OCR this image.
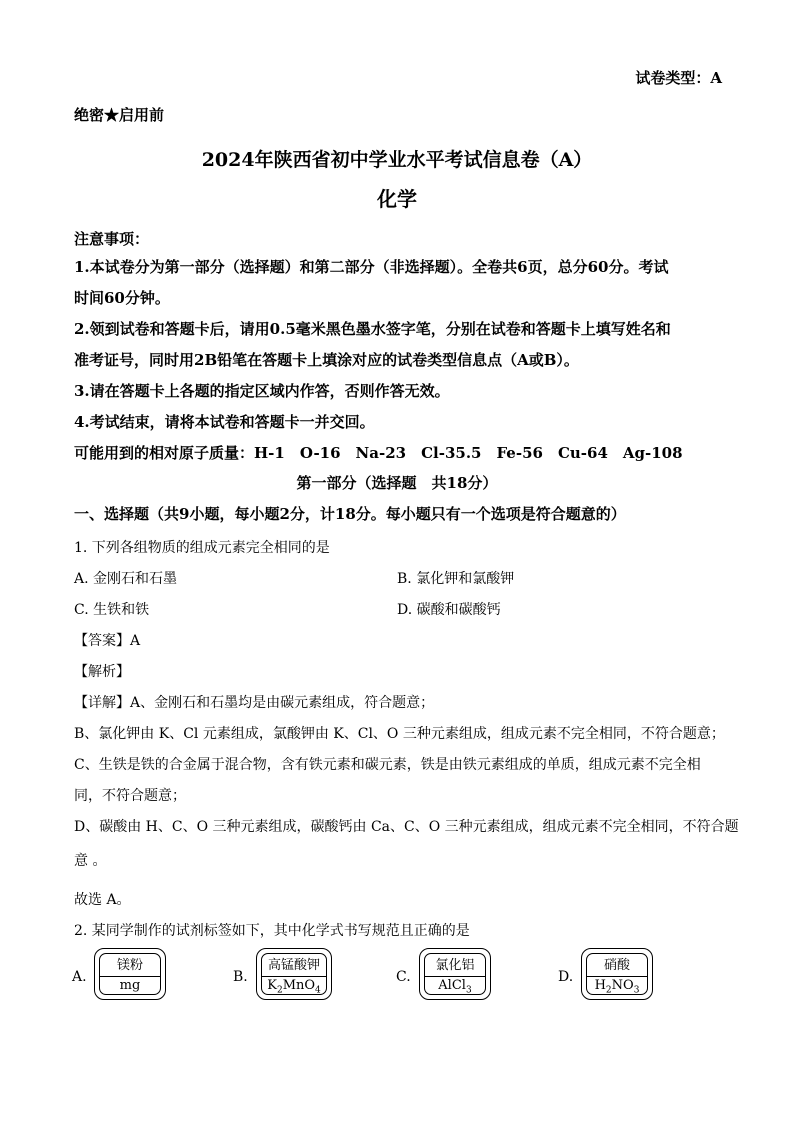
试卷类型：A
绝密★启用前
2024年陕西省初中学业水平考试信息卷（A）
化学
注意事项：
1.本试卷分为第一部分（选择题）和第二部分（非选择题）。全卷共6页，总分60分。考试
时间60分钟。
2.领到试卷和答题卡后，请用0.5毫米黑色墨水签字笔，分别在试卷和答题卡上填写姓名和
准考证号，同时用2B铅笔在答题卡上填涂对应的试卷类型信息点（A或B）。
3.请在答题卡上各题的指定区域内作答，否则作答无效。
4.考试结束，请将本试卷和答题卡一并交回。
可能用到的相对原子质量：H-1　O-16　Na-23　Cl-35.5　Fe-56　Cu-64　Ag-108
第一部分（选择题　共18分）
一、选择题（共9小题，每小题2分，计18分。每小题只有一个选项是符合题意的）
1. 下列各组物质的组成元素完全相同的是
A. 金刚石和石墨	B. 氯化钾和氯酸钾
C. 生铁和铁	D. 碳酸和碳酸钙
【答案】A
【解析】
【详解】A、金刚石和石墨均是由碳元素组成，符合题意；
B、氯化钾由 K、Cl 元素组成，氯酸钾由 K、Cl、O 三种元素组成，组成元素不完全相同，不符合题意；
C、生铁是铁的合金属于混合物，含有铁元素和碳元素，铁是由铁元素组成的单质，组成元素不完全相
同，不符合题意；
D、碳酸由 H、C、O 三种元素组成，碳酸钙由 Ca、C、O 三种元素组成，组成元素不完全相同，不符合题
意 。
故选 A。
2. 某同学制作的试剂标签如下，其中化学式书写规范且正确的是
A.
镁粉
mg
B.
高锰酸钾
$K_2MnO_4$
C.
氯化铝
AlCl$_3$
D.
硝酸
$H_2NO_3$
